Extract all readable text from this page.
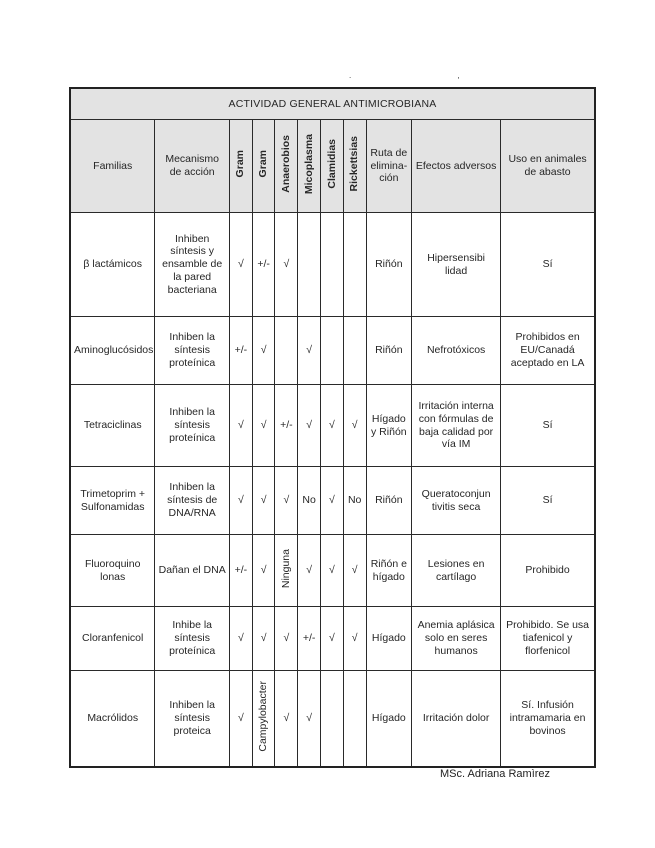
. ,
ACTIVIDAD GENERAL ANTIMICROBIANA										
Familias	Mecanismo de acción	Gram	Gram	Anaerobios	Micoplasma	Clamidias	Rickettsias	Ruta de elimina- ción	Efectos adversos	Uso en animales de abasto
β lactámicos	Inhiben síntesis y ensamble de la pared bacteriana	√	+/-	√				Riñón	Hipersensibi lidad	Sí
Aminoglucósidos	Inhiben la síntesis proteínica	+/-	√		√			Riñón	Nefrotóxicos	Prohibidos en EU/Canadá aceptado en LA
Tetraciclinas	Inhiben la síntesis proteínica	√	√	+/-	√	√	√	Hígado y Riñón	Irritación interna con fórmulas de baja calidad por vía IM	Sí
Trimetoprim + Sulfonamidas	Inhiben la síntesis de DNA/RNA	√	√	√	No	√	No	Riñón	Queratoconjun tivitis seca	Sí
Fluoroquino lonas	Dañan el DNA	+/-	√	Ninguna	√	√	√	Riñón e hígado	Lesiones en cartílago	Prohibido
Cloranfenicol	Inhibe la síntesis proteínica	√	√	√	+/-	√	√	Hígado	Anemia aplásica solo en seres humanos	Prohibido. Se usa tiafenicol y florfenicol
Macrólidos	Inhiben la síntesis proteica	√	Campylobacter	√	√			Hígado	Irritación dolor	Sí. Infusión intramamaria en bovinos
MSc. Adriana Ramìrez
